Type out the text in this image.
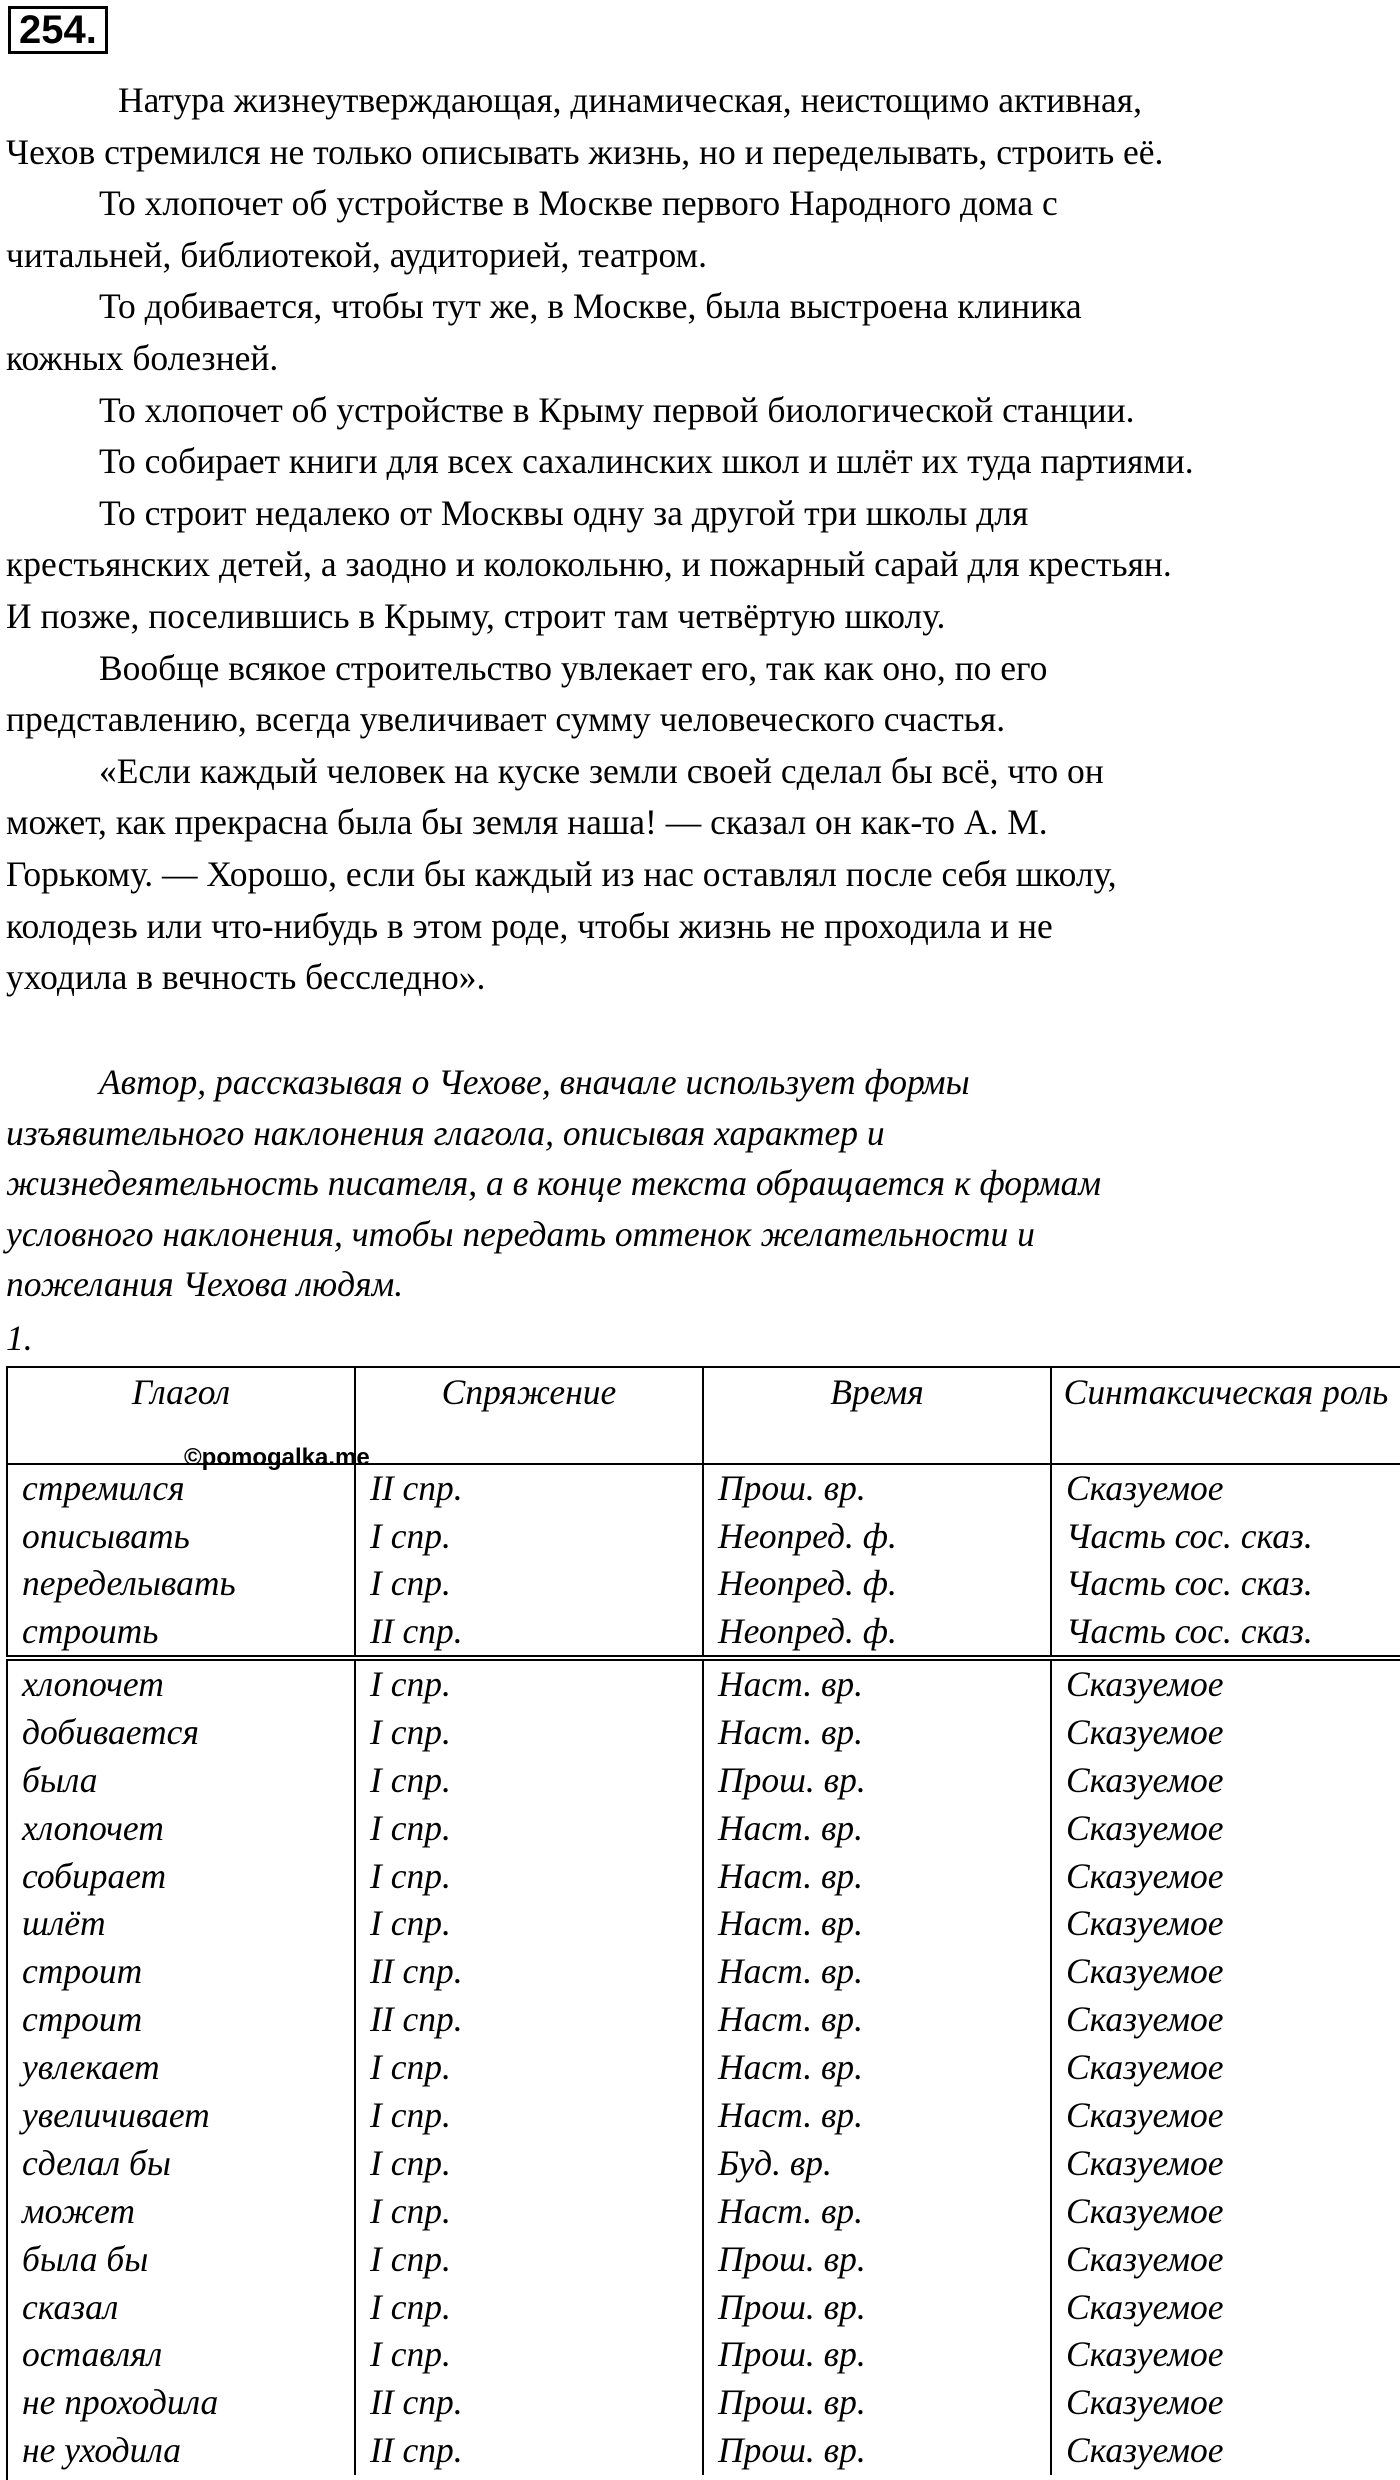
254.
Натура жизнеутверждающая, динамическая, неистощимо активная,
Чехов стремился не только описывать жизнь, но и переделывать, строить её.
То хлопочет об устройстве в Москве первого Народного дома с
читальней, библиотекой, аудиторией, театром.
То добивается, чтобы тут же, в Москве, была выстроена клиника
кожных болезней.
То хлопочет об устройстве в Крыму первой биологической станции.
То собирает книги для всех сахалинских школ и шлёт их туда партиями.
То строит недалеко от Москвы одну за другой три школы для
крестьянских детей, а заодно и колокольню, и пожарный сарай для крестьян.
И позже, поселившись в Крыму, строит там четвёртую школу.
Вообще всякое строительство увлекает его, так как оно, по его
представлению, всегда увеличивает сумму человеческого счастья.
«Если каждый человек на куске земли своей сделал бы всё, что он
может, как прекрасна была бы земля наша! — сказал он как-то А. М.
Горькому. — Хорошо, если бы каждый из нас оставлял после себя школу,
колодезь или что-нибудь в этом роде, чтобы жизнь не проходила и не
уходила в вечность бесследно».
Автор, рассказывая о Чехове, вначале использует формы
изъявительного наклонения глагола, описывая характер и
жизнедеятельность писателя, а в конце текста обращается к формам
условного наклонения, чтобы передать оттенок желательности и
пожелания Чехова людям.
1.
Глагол	Спряжение	Время	Синтаксическая роль
стремился	II спр.	Прош. вр.	Сказуемое
описывать	I спр.	Неопред. ф.	Часть сос. сказ.
переделывать	I спр.	Неопред. ф.	Часть сос. сказ.
строить	II спр.	Неопред. ф.	Часть сос. сказ.
©pomogalka.me
хлопочет	I спр.	Наст. вр.	Сказуемое
добивается	I спр.	Наст. вр.	Сказуемое
была	I спр.	Прош. вр.	Сказуемое
хлопочет	I спр.	Наст. вр.	Сказуемое
собирает	I спр.	Наст. вр.	Сказуемое
шлёт	I спр.	Наст. вр.	Сказуемое
строит	II спр.	Наст. вр.	Сказуемое
строит	II спр.	Наст. вр.	Сказуемое
увлекает	I спр.	Наст. вр.	Сказуемое
увеличивает	I спр.	Наст. вр.	Сказуемое
сделал бы	I спр.	Буд. вр.	Сказуемое
может	I спр.	Наст. вр.	Сказуемое
была бы	I спр.	Прош. вр.	Сказуемое
сказал	I спр.	Прош. вр.	Сказуемое
оставлял	I спр.	Прош. вр.	Сказуемое
не проходила	II спр.	Прош. вр.	Сказуемое
не уходила	II спр.	Прош. вр.	Сказуемое
